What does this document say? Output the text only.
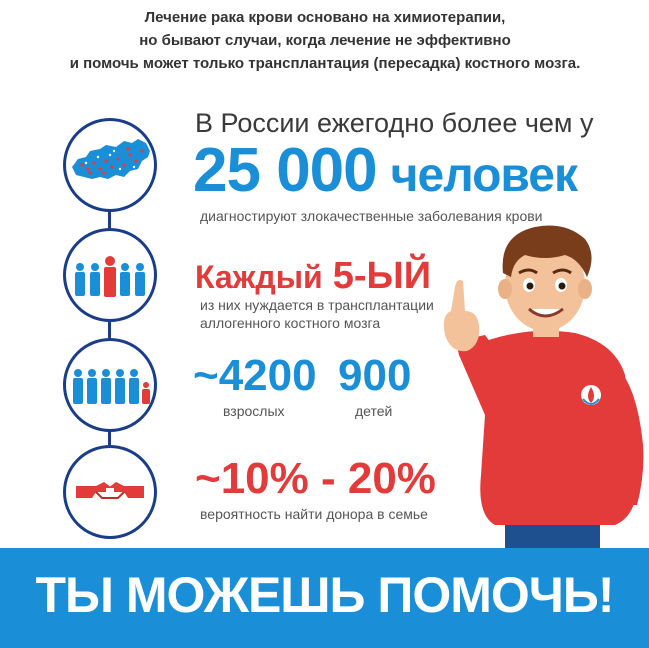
Лечение рака крови основано на химиотерапии,
но бывают случаи, когда лечение не эффективно
и помочь может только трансплантация (пересадка) костного мозга.
В России ежегодно более чем у
25 000 человек
диагностируют злокачественные заболевания крови
Каждый 5-ЫЙ
из них нуждается в трансплантации
аллогенного костного мозга
~4200
взрослых
900
детей
~10% - 20%
вероятность найти донора в семье
ТЫ МОЖЕШЬ ПОМОЧЬ!
